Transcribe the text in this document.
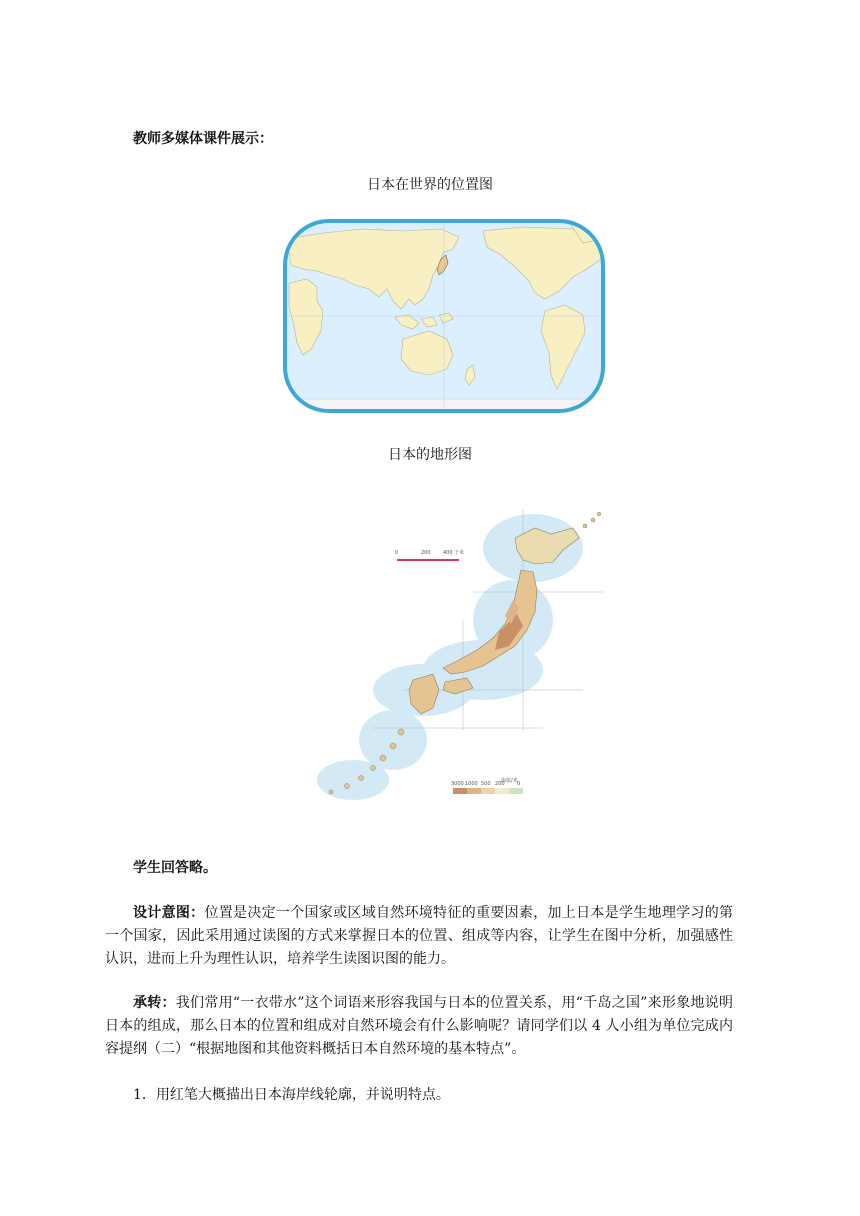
教师多媒体课件展示：
日本在世界的位置图
日本的地形图
0	200 400 千米
海拔/米
3000 1000 500 200 0
学生回答略。
设计意图：位置是决定一个国家或区域自然环境特征的重要因素，加上日本是学生地理学习的第一个国家，因此采用通过读图的方式来掌握日本的位置、组成等内容，让学生在图中分析，加强感性认识，进而上升为理性认识，培养学生读图识图的能力。
承转：我们常用“一衣带水”这个词语来形容我国与日本的位置关系，用“千岛之国”来形象地说明日本的组成，那么日本的位置和组成对自然环境会有什么影响呢？请同学们以 4 人小组为单位完成内容提纲（二）“根据地图和其他资料概括日本自然环境的基本特点”。
1．用红笔大概描出日本海岸线轮廓，并说明特点。
